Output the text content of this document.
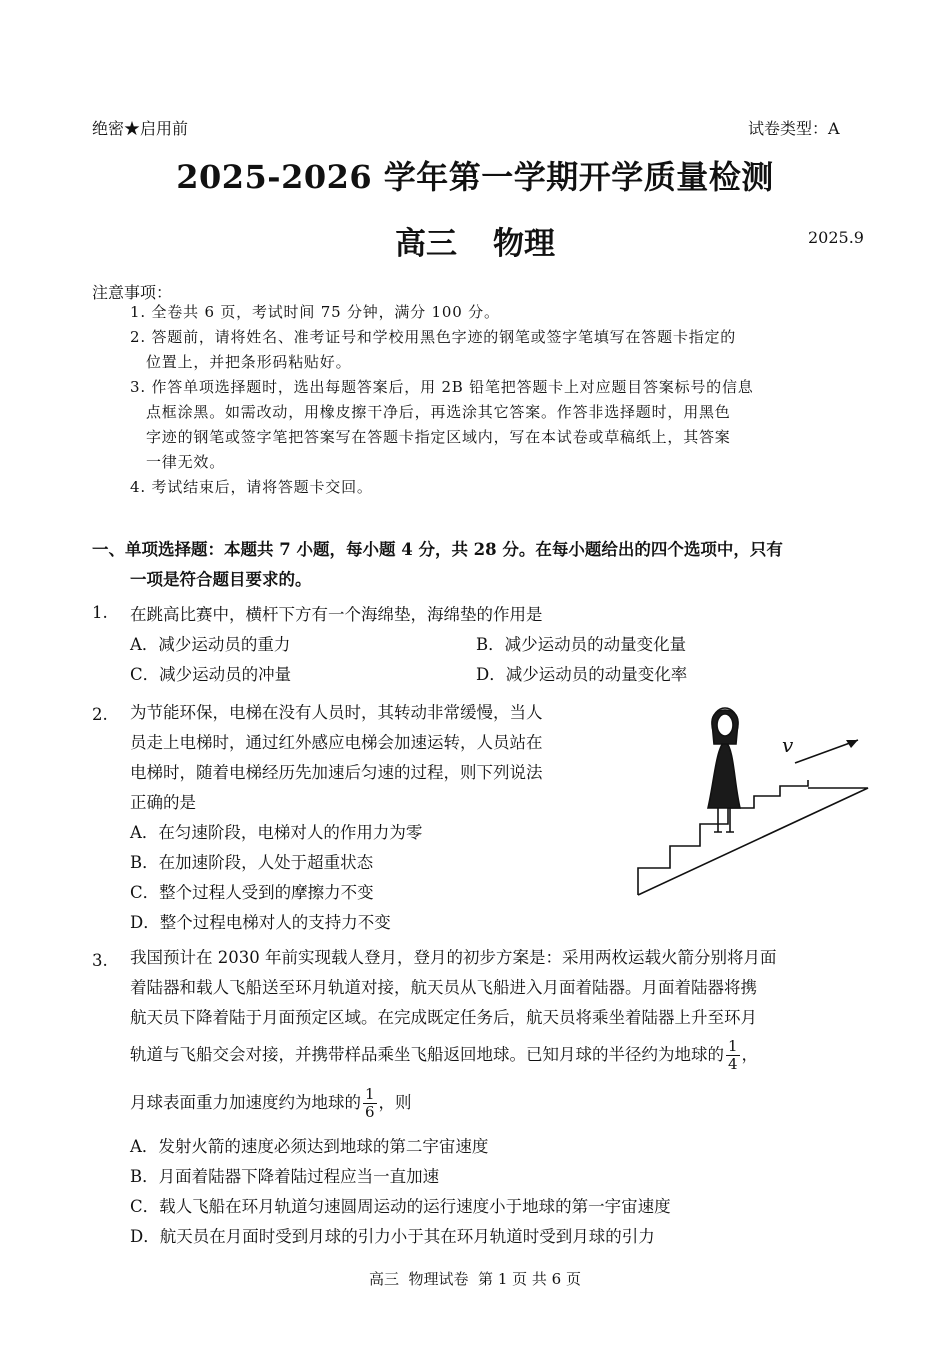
绝密★启用前	试卷类型：A
2025-2026 学年第一学期开学质量检测
高三 物理	2025.9
注意事项：
1. 全卷共 6 页，考试时间 75 分钟，满分 100 分。
2. 答题前，请将姓名、准考证号和学校用黑色字迹的钢笔或签字笔填写在答题卡指定的
位置上，并把条形码粘贴好。
3. 作答单项选择题时，选出每题答案后，用 2B 铅笔把答题卡上对应题目答案标号的信息
点框涂黑。如需改动，用橡皮擦干净后，再选涂其它答案。作答非选择题时，用黑色
字迹的钢笔或签字笔把答案写在答题卡指定区域内，写在本试卷或草稿纸上，其答案
一律无效。
4. 考试结束后，请将答题卡交回。
一、单项选择题：本题共 7 小题，每小题 4 分，共 28 分。在每小题给出的四个选项中，只有
一项是符合题目要求的。
1. 在跳高比赛中，横杆下方有一个海绵垫，海绵垫的作用是
A．减少运动员的重力	B．减少运动员的动量变化量
C．减少运动员的冲量	D．减少运动员的动量变化率
2. 为节能环保，电梯在没有人员时，其转动非常缓慢，当人
员走上电梯时，通过红外感应电梯会加速运转，人员站在
电梯时，随着电梯经历先加速后匀速的过程，则下列说法
正确的是
A．在匀速阶段，电梯对人的作用力为零
B．在加速阶段，人处于超重状态
C．整个过程人受到的摩擦力不变
D．整个过程电梯对人的支持力不变
v
3. 我国预计在 2030 年前实现载人登月，登月的初步方案是：采用两枚运载火箭分别将月面
着陆器和载人飞船送至环月轨道对接，航天员从飞船进入月面着陆器。月面着陆器将携
航天员下降着陆于月面预定区域。在完成既定任务后，航天员将乘坐着陆器上升至环月
轨道与飞船交会对接，并携带样品乘坐飞船返回地球。已知月球的半径约为地球的 $\frac{1}{4}$ ，
月球表面重力加速度约为地球的 $\frac{1}{6}$ ，则
A．发射火箭的速度必须达到地球的第二宇宙速度
B．月面着陆器下降着陆过程应当一直加速
C．载人飞船在环月轨道匀速圆周运动的运行速度小于地球的第一宇宙速度
D．航天员在月面时受到月球的引力小于其在环月轨道时受到月球的引力
高三  物理试卷  第 1 页 共 6 页
